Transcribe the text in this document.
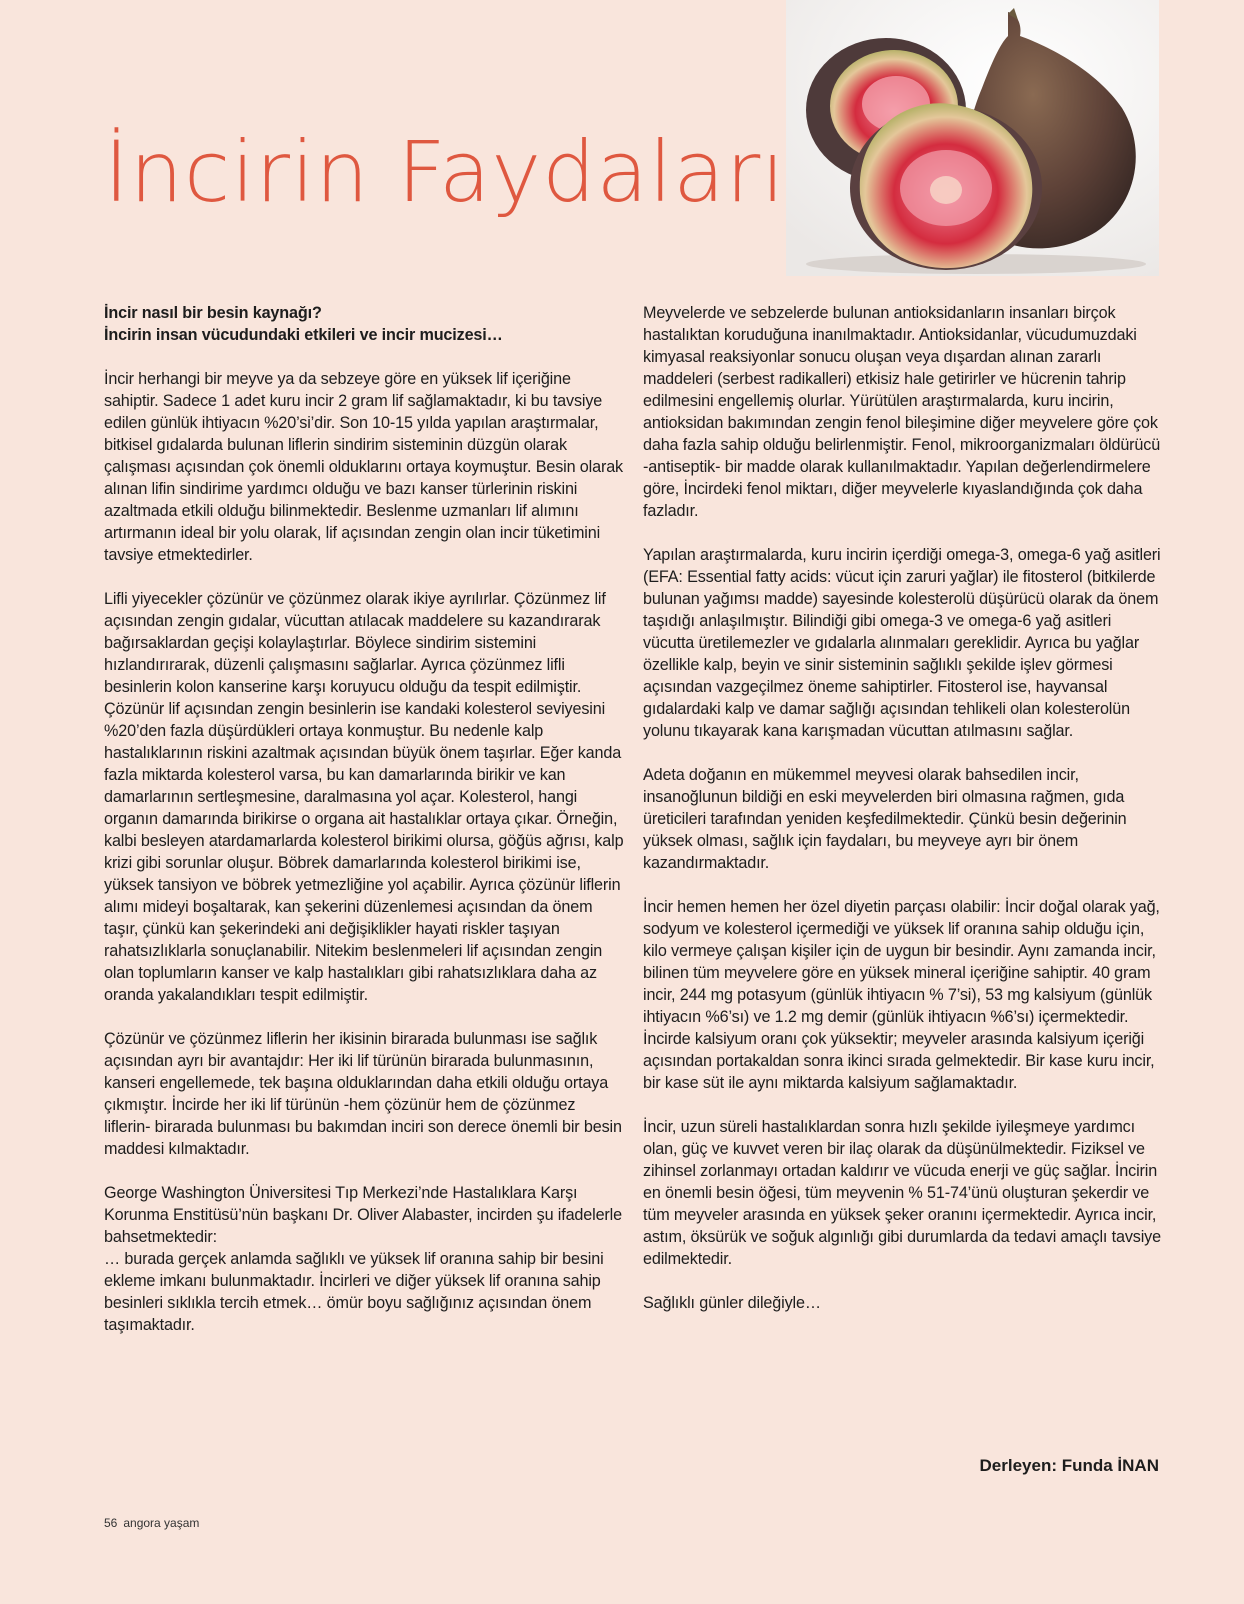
İncirin Faydaları
İncir nasıl bir besin kaynağı?
İncirin insan vücudundaki etkileri ve incir mucizesi…

İncir herhangi bir meyve ya da sebzeye göre en yüksek lif içeriğine sahiptir. Sadece 1 adet kuru incir 2 gram lif sağlamaktadır, ki bu tavsiye edilen günlük ihtiyacın %20’si’dir. Son 10-15 yılda yapılan araştırmalar, bitkisel gıdalarda bulunan liflerin sindirim sisteminin düzgün olarak çalışması açısından çok önemli olduklarını ortaya koymuştur. Besin olarak alınan lifin sindirime yardımcı olduğu ve bazı kanser türlerinin riskini azaltmada etkili olduğu bilinmektedir. Beslenme uzmanları lif alımını artırmanın ideal bir yolu olarak, lif açısından zengin olan incir tüketimini tavsiye etmektedirler.

Lifli yiyecekler çözünür ve çözünmez olarak ikiye ayrılırlar. Çözünmez lif açısından zengin gıdalar, vücuttan atılacak maddelere su kazandırarak bağırsaklardan geçişi kolaylaştırlar. Böylece sindirim sistemini hızlandırırarak, düzenli çalışmasını sağlarlar. Ayrıca çözünmez lifli besinlerin kolon kanserine karşı koruyucu olduğu da tespit edilmiştir. Çözünür lif açısından zengin besinlerin ise kandaki kolesterol seviyesini %20’den fazla düşürdükleri ortaya konmuştur. Bu nedenle kalp hastalıklarının riskini azaltmak açısından büyük önem taşırlar. Eğer kanda fazla miktarda kolesterol varsa, bu kan damarlarında birikir ve kan damarlarının sertleşmesine, daralmasına yol açar. Kolesterol, hangi organın damarında birikirse o organa ait hastalıklar ortaya çıkar. Örneğin, kalbi besleyen atardamarlarda kolesterol birikimi olursa, göğüs ağrısı, kalp krizi gibi sorunlar oluşur. Böbrek damarlarında kolesterol birikimi ise, yüksek tansiyon ve böbrek yetmezliğine yol açabilir. Ayrıca çözünür liflerin alımı mideyi boşaltarak, kan şekerini düzenlemesi açısından da önem taşır, çünkü kan şekerindeki ani değişiklikler hayati riskler taşıyan rahatsızlıklarla sonuçlanabilir. Nitekim beslenmeleri lif açısından zengin olan toplumların kanser ve kalp hastalıkları gibi rahatsızlıklara daha az oranda yakalandıkları tespit edilmiştir.

Çözünür ve çözünmez liflerin her ikisinin birarada bulunması ise sağlık açısından ayrı bir avantajdır: Her iki lif türünün birarada bulunmasının, kanseri engellemede, tek başına olduklarından daha etkili olduğu ortaya çıkmıştır. İncirde her iki lif türünün -hem çözünür hem de çözünmez liflerin- birarada bulunması bu bakımdan inciri son derece önemli bir besin maddesi kılmaktadır.

George Washington Üniversitesi Tıp Merkezi’nde Hastalıklara Karşı Korunma Enstitüsü’nün başkanı Dr. Oliver Alabaster, incirden şu ifadelerle bahsetmektedir:

… burada gerçek anlamda sağlıklı ve yüksek lif oranına sahip bir besini ekleme imkanı bulunmaktadır. İncirleri ve diğer yüksek lif oranına sahip besinleri sıklıkla tercih etmek… ömür boyu sağlığınız açısından önem taşımaktadır.

Meyvelerde ve sebzelerde bulunan antioksidanların insanları birçok hastalıktan koruduğuna inanılmaktadır. Antioksidanlar, vücudumuzdaki kimyasal reaksiyonlar sonucu oluşan veya dışardan alınan zararlı maddeleri (serbest radikalleri) etkisiz hale getirirler ve hücrenin tahrip edilmesini engellemiş olurlar. Yürütülen araştırmalarda, kuru incirin, antioksidan bakımından zengin fenol bileşimine diğer meyvelere göre çok daha fazla sahip olduğu belirlenmiştir. Fenol, mikroorganizmaları öldürücü -antiseptik- bir madde olarak kullanılmaktadır. Yapılan değerlendirmelere göre, İncirdeki fenol miktarı, diğer meyvelerle kıyaslandığında çok daha fazladır.

Yapılan araştırmalarda, kuru incirin içerdiği omega-3, omega-6 yağ asitleri (EFA: Essential fatty acids: vücut için zaruri yağlar) ile fitosterol (bitkilerde bulunan yağımsı madde) sayesinde kolesterolü düşürücü olarak da önem taşıdığı anlaşılmıştır. Bilindiği gibi omega-3 ve omega-6 yağ asitleri vücutta üretilemezler ve gıdalarla alınmaları gereklidir. Ayrıca bu yağlar özellikle kalp, beyin ve sinir sisteminin sağlıklı şekilde işlev görmesi açısından vazgeçilmez öneme sahiptirler. Fitosterol ise, hayvansal gıdalardaki kalp ve damar sağlığı açısından tehlikeli olan kolesterolün yolunu tıkayarak kana karışmadan vücuttan atılmasını sağlar.

Adeta doğanın en mükemmel meyvesi olarak bahsedilen incir, insanoğlunun bildiği en eski meyvelerden biri olmasına rağmen, gıda üreticileri tarafından yeniden keşfedilmektedir. Çünkü besin değerinin yüksek olması, sağlık için faydaları, bu meyveye ayrı bir önem kazandırmaktadır.

İncir hemen hemen her özel diyetin parçası olabilir: İncir doğal olarak yağ, sodyum ve kolesterol içermediği ve yüksek lif oranına sahip olduğu için, kilo vermeye çalışan kişiler için de uygun bir besindir. Aynı zamanda incir, bilinen tüm meyvelere göre en yüksek mineral içeriğine sahiptir. 40 gram incir, 244 mg potasyum (günlük ihtiyacın % 7’si), 53 mg kalsiyum (günlük ihtiyacın %6’sı) ve 1.2 mg demir (günlük ihtiyacın %6’sı) içermektedir. İncirde kalsiyum oranı çok yüksektir; meyveler arasında kalsiyum içeriği açısından portakaldan sonra ikinci sırada gelmektedir. Bir kase kuru incir, bir kase süt ile aynı miktarda kalsiyum sağlamaktadır.

İncir, uzun süreli hastalıklardan sonra hızlı şekilde iyileşmeye yardımcı olan, güç ve kuvvet veren bir ilaç olarak da düşünülmektedir. Fiziksel ve zihinsel zorlanmayı ortadan kaldırır ve vücuda enerji ve güç sağlar. İncirin en önemli besin öğesi, tüm meyvenin % 51-74’ünü oluşturan şekerdir ve tüm meyveler arasında en yüksek şeker oranını içermektedir. Ayrıca incir, astım, öksürük ve soğuk algınlığı gibi durumlarda da tedavi amaçlı tavsiye edilmektedir.

Sağlıklı günler dileğiyle…

Derleyen: Funda İNAN
56 angora yaşam
